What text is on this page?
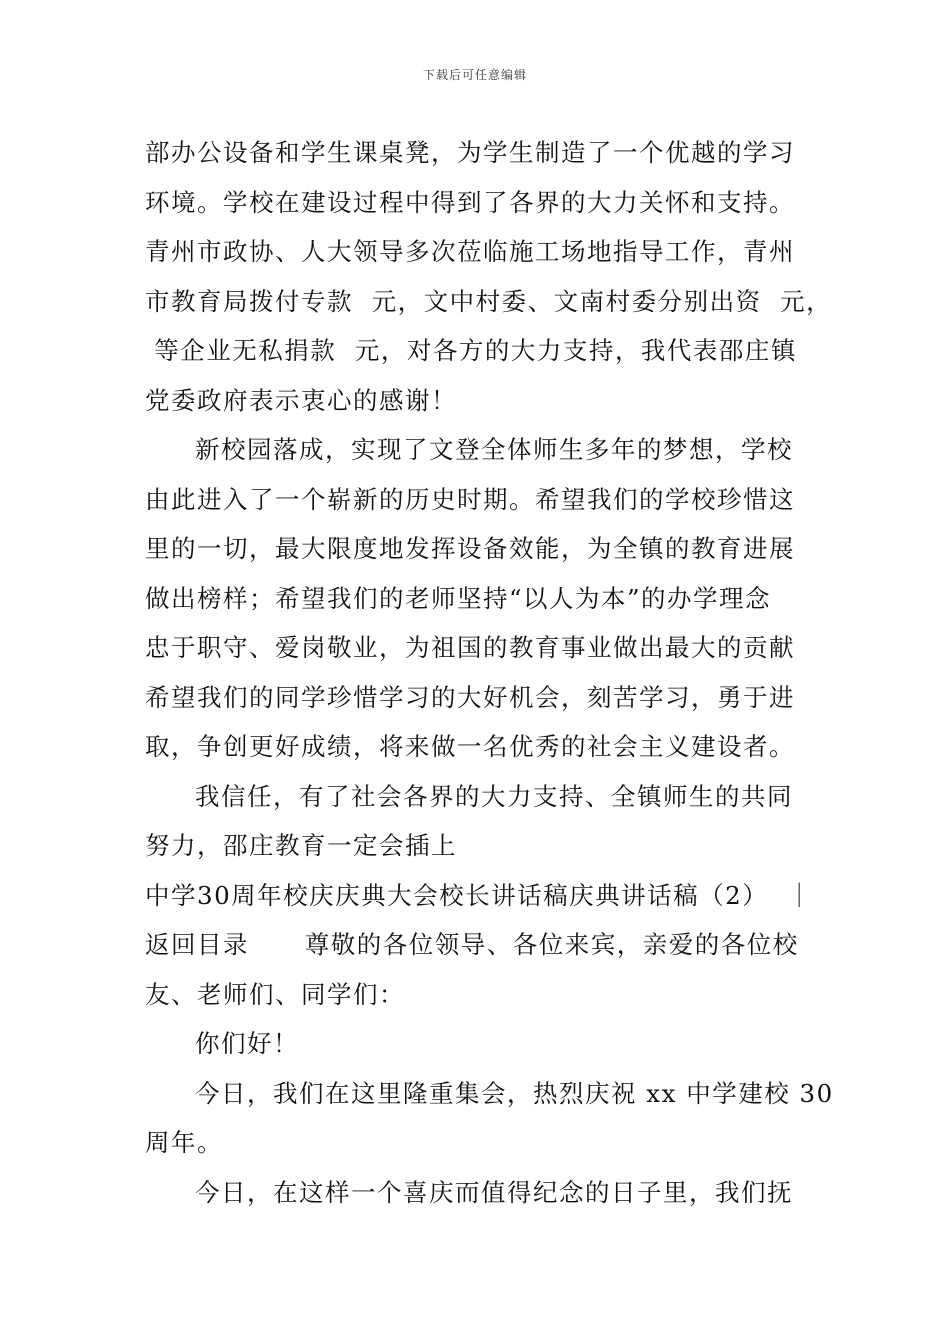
下载后可任意编辑

部办公设备和学生课桌凳，为学生制造了一个优越的学习

环境。学校在建设过程中得到了各界的大力关怀和支持。

青州市政协、人大领导多次莅临施工场地指导工作，青州

市教育局拨付专款  元，文中村委、文南村委分别出资  元，

等企业无私捐款  元，对各方的大力支持，我代表邵庄镇

党委政府表示衷心的感谢！

新校园落成，实现了文登全体师生多年的梦想，学校

由此进入了一个崭新的历史时期。希望我们的学校珍惜这

里的一切，最大限度地发挥设备效能，为全镇的教育进展

做出榜样；希望我们的老师坚持“以人为本”的办学理念

忠于职守、爱岗敬业，为祖国的教育事业做出最大的贡献

希望我们的同学珍惜学习的大好机会，刻苦学习，勇于进

取，争创更好成绩，将来做一名优秀的社会主义建设者。

我信任，有了社会各界的大力支持、全镇师生的共同

努力，邵庄教育一定会插上

中学30周年校庆庆典大会校长讲话稿庆典讲话稿（2）  ｜

返回目录      尊敬的各位领导、各位来宾，亲爱的各位校

友、老师们、同学们：

你们好！

今日，我们在这里隆重集会，热烈庆祝 xx 中学建校 30

周年。

今日，在这样一个喜庆而值得纪念的日子里，我们抚
